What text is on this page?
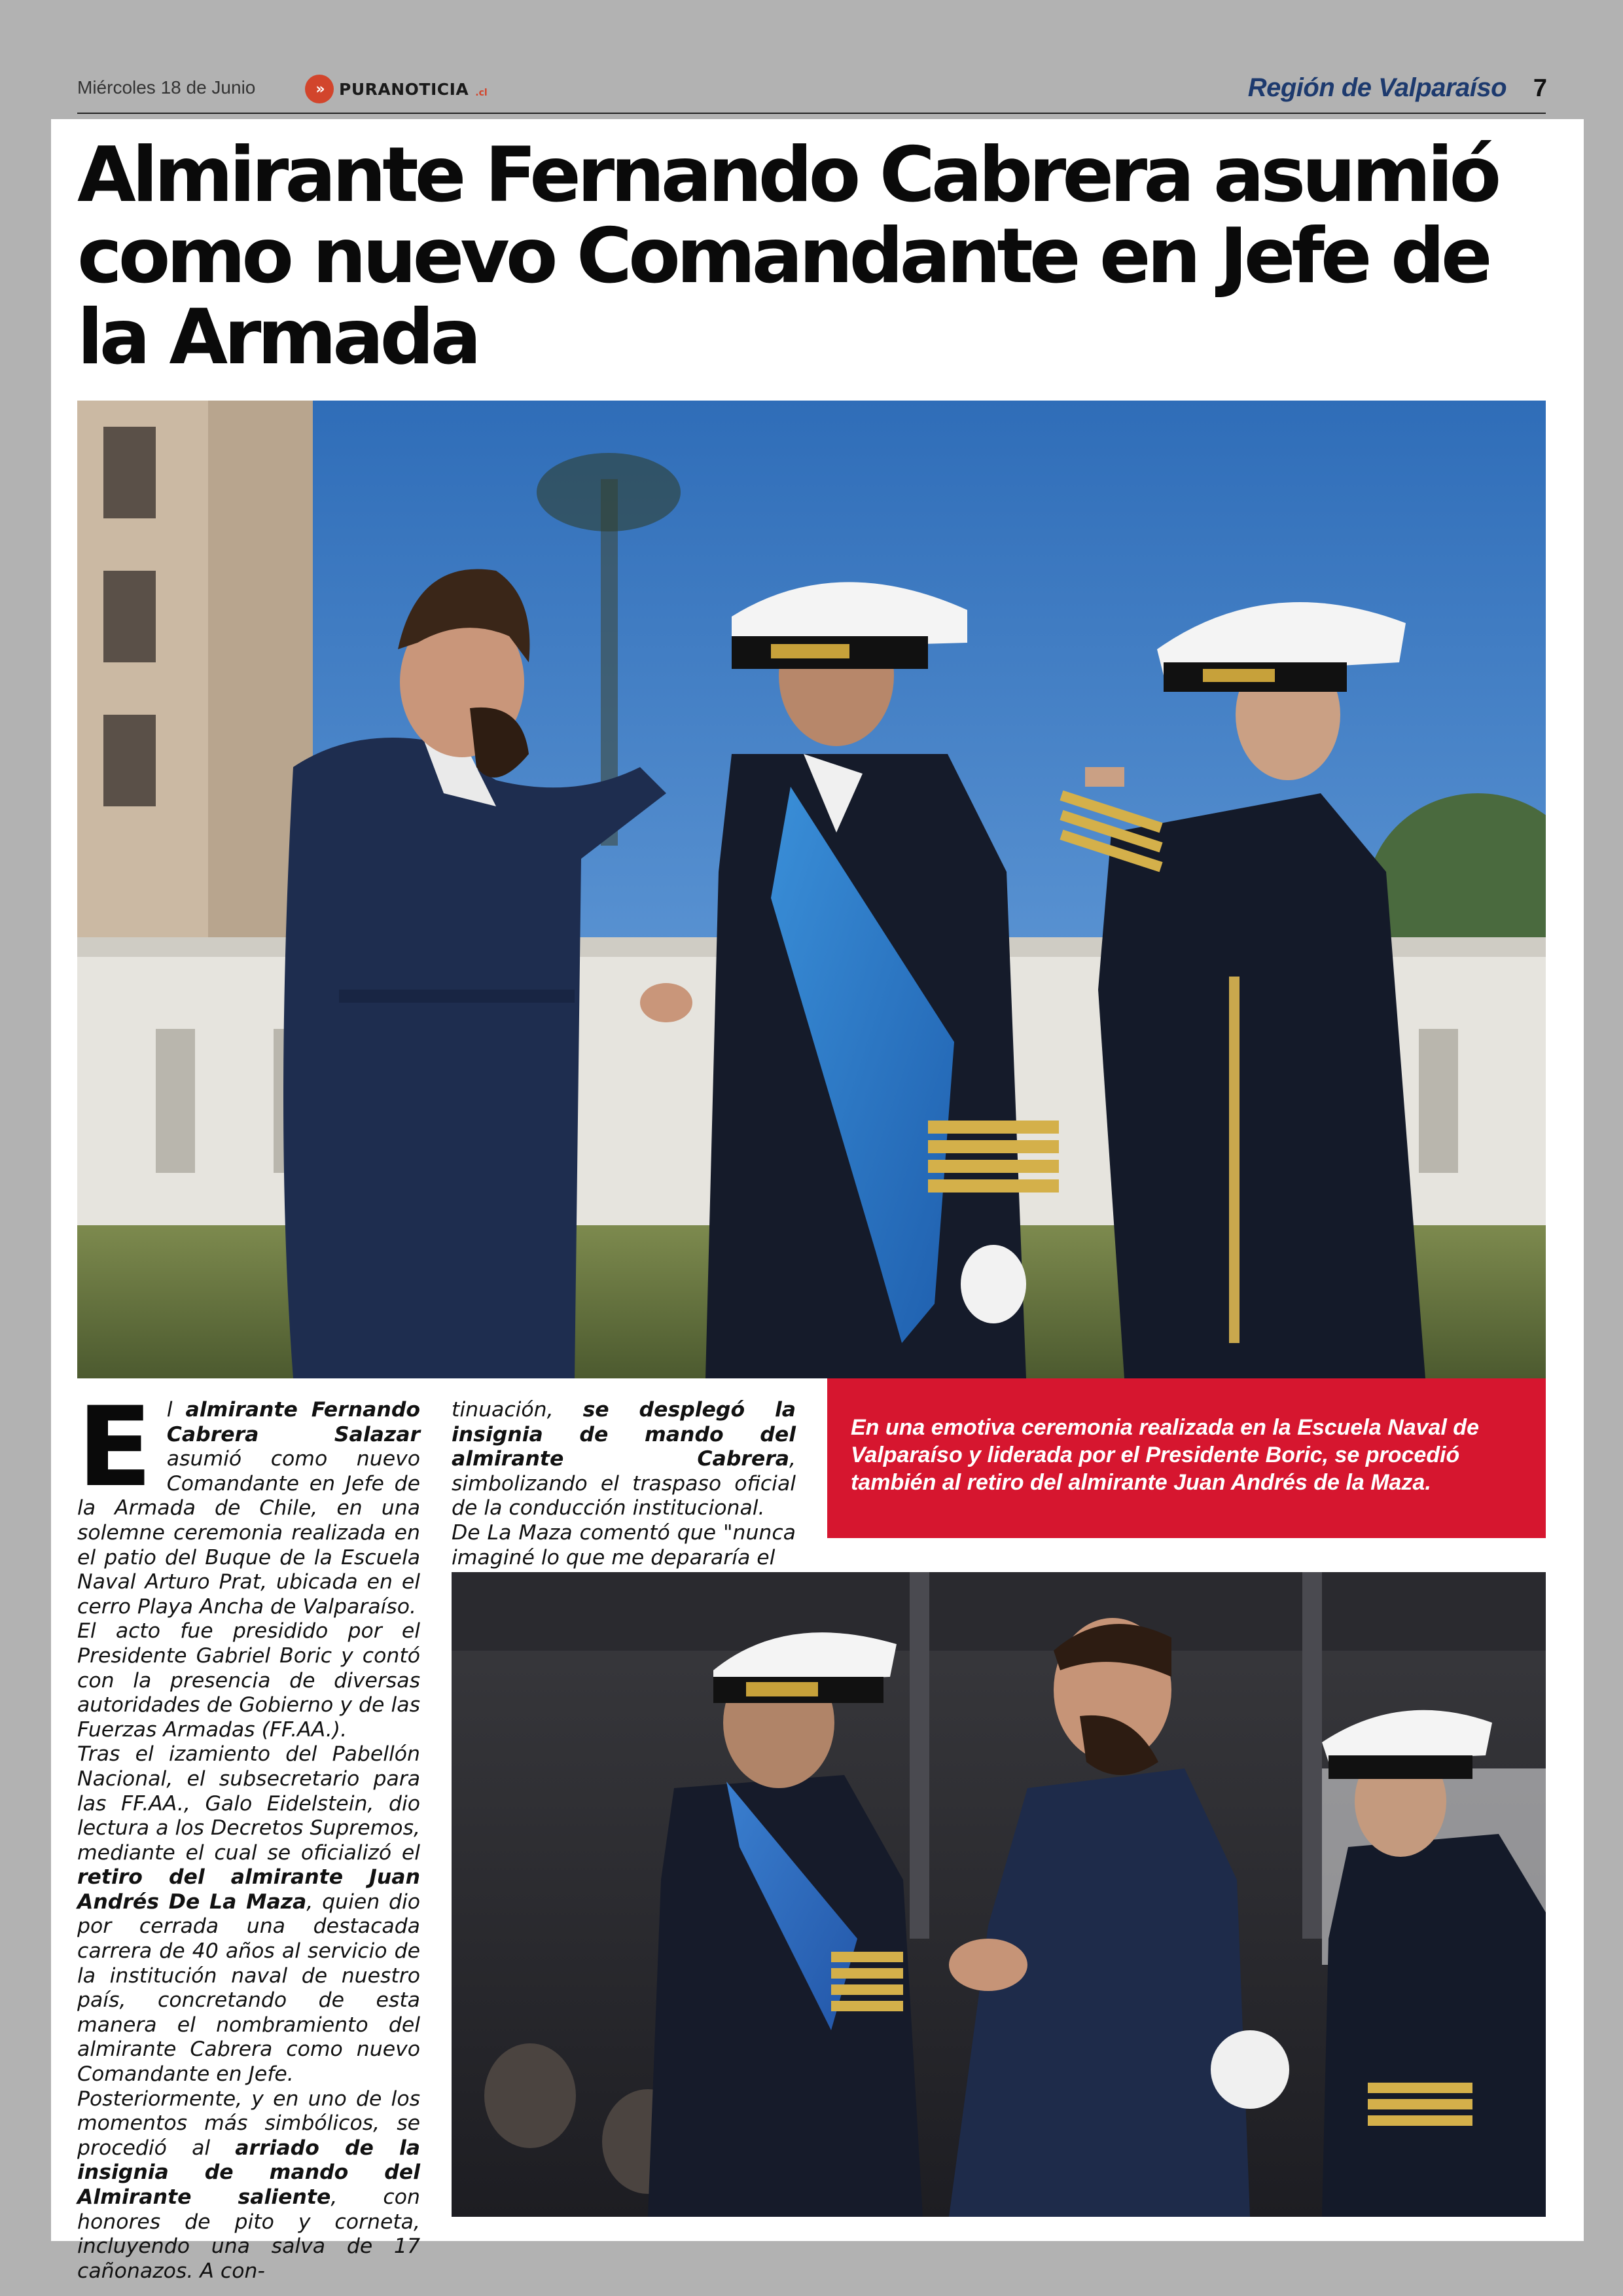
Miércoles 18 de Junio	» PURANOTICIA .cl	Región de Valparaíso 7
Almirante Fernando Cabrera asumió como nuevo Comandante en Jefe de la Armada
E l almirante Fernando Cabrera Salazar asumió como nuevo Comandante en Jefe de la Armada de Chile, en una solemne ceremonia realizada en el patio del Buque de la Escuela Naval Arturo Prat, ubicada en el cerro Playa Ancha de Valparaíso.

El acto fue presidido por el Presidente Gabriel Boric y contó con la presencia de diversas autoridades de Gobierno y de las Fuerzas Armadas (FF.AA.).

Tras el izamiento del Pabellón Nacional, el subsecretario para las FF.AA., Galo Eidelstein, dio lectura a los Decretos Supremos, mediante el cual se oficializó el retiro del almirante Juan Andrés De La Maza, quien dio por cerrada una destacada carrera de 40 años al servicio de la institución naval de nuestro país, concretando de esta manera el nombramiento del almirante Cabrera como nuevo Comandante en Jefe.

Posteriormente, y en uno de los momentos más simbólicos, se procedió al arriado de la insignia de mando del Almirante saliente, con honores de pito y corneta, incluyendo una salva de 17 cañonazos. A con-

tinuación, se desplegó la insignia de mando del almirante Cabrera, simbolizando el traspaso oficial de la conducción institucional.

De La Maza comentó que "nunca imaginé lo que me depararía el

En una emotiva ceremonia realizada en la Escuela Naval de Valparaíso y liderada por el Presidente Boric, se procedió también al retiro del almirante Juan Andrés de la Maza.
